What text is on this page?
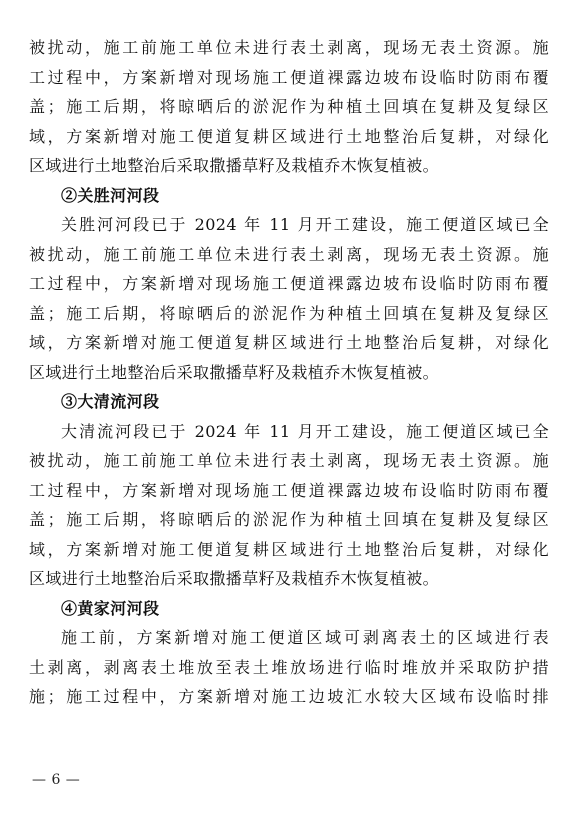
被扰动，施工前施工单位未进行表土剥离，现场无表土资源。施
工过程中，方案新增对现场施工便道裸露边坡布设临时防雨布覆
盖；施工后期，将晾晒后的淤泥作为种植土回填在复耕及复绿区
域，方案新增对施工便道复耕区域进行土地整治后复耕，对绿化
区域进行土地整治后采取撒播草籽及栽植乔木恢复植被。
②关胜河河段
关胜河河段已于 2024 年 11 月开工建设，施工便道区域已全
被扰动，施工前施工单位未进行表土剥离，现场无表土资源。施
工过程中，方案新增对现场施工便道裸露边坡布设临时防雨布覆
盖；施工后期，将晾晒后的淤泥作为种植土回填在复耕及复绿区
域，方案新增对施工便道复耕区域进行土地整治后复耕，对绿化
区域进行土地整治后采取撒播草籽及栽植乔木恢复植被。
③大清流河段
大清流河段已于 2024 年 11 月开工建设，施工便道区域已全
被扰动，施工前施工单位未进行表土剥离，现场无表土资源。施
工过程中，方案新增对现场施工便道裸露边坡布设临时防雨布覆
盖；施工后期，将晾晒后的淤泥作为种植土回填在复耕及复绿区
域，方案新增对施工便道复耕区域进行土地整治后复耕，对绿化
区域进行土地整治后采取撒播草籽及栽植乔木恢复植被。
④黄家河河段
施工前，方案新增对施工便道区域可剥离表土的区域进行表
土剥离，剥离表土堆放至表土堆放场进行临时堆放并采取防护措
施；施工过程中，方案新增对施工边坡汇水较大区域布设临时排
— 6 —
